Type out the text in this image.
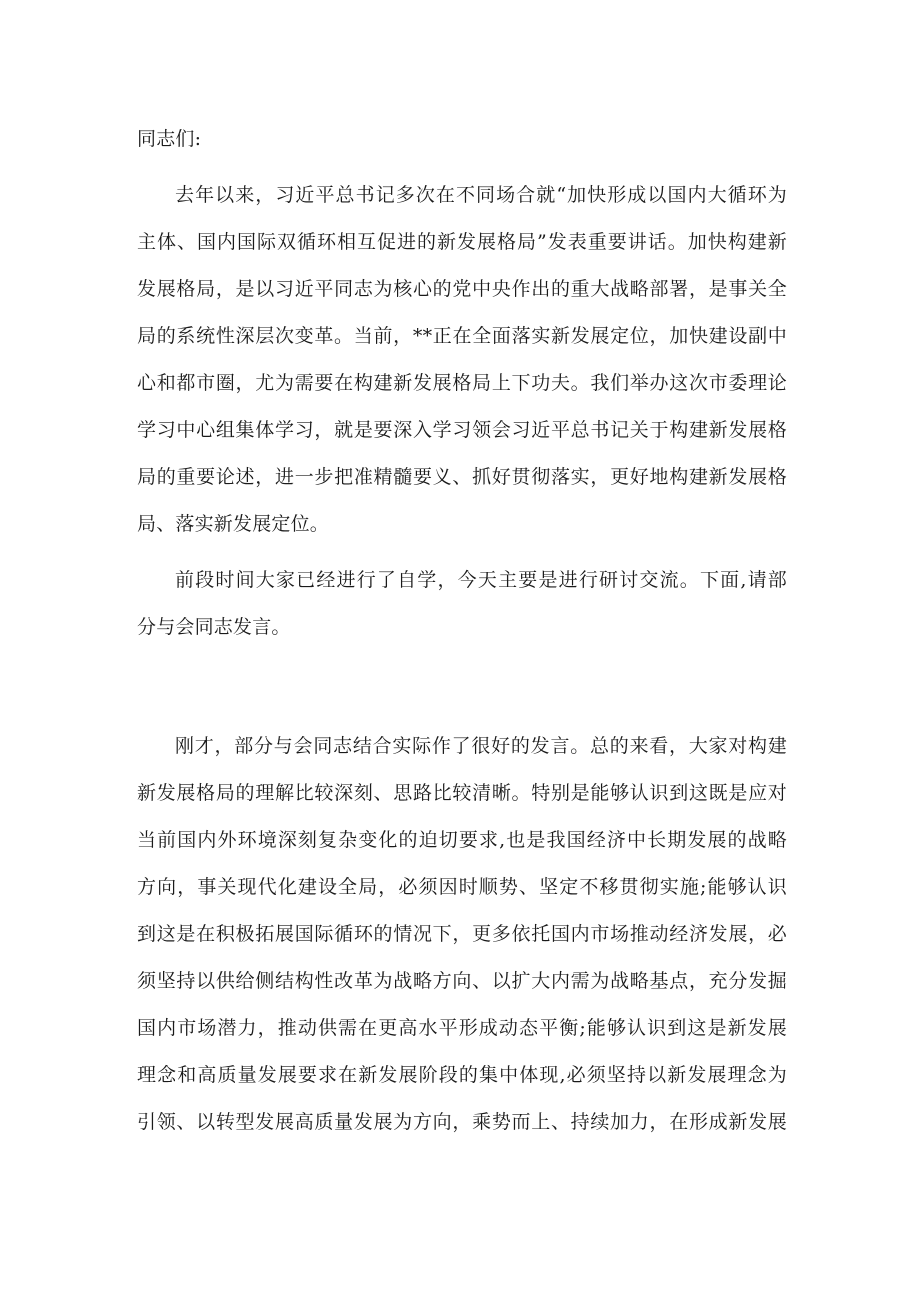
同志们:
去年以来，习近平总书记多次在不同场合就“加快形成以国内大循环为
主体、国内国际双循环相互促进的新发展格局”发表重要讲话。加快构建新
发展格局，是以习近平同志为核心的党中央作出的重大战略部署，是事关全
局的系统性深层次变革。当前，**正在全面落实新发展定位，加快建设副中
心和都市圈，尤为需要在构建新发展格局上下功夫。我们举办这次市委理论
学习中心组集体学习，就是要深入学习领会习近平总书记关于构建新发展格
局的重要论述，进一步把准精髓要义、抓好贯彻落实，更好地构建新发展格
局、落实新发展定位。
前段时间大家已经进行了自学，今天主要是进行研讨交流。下面,请部
分与会同志发言。
刚才，部分与会同志结合实际作了很好的发言。总的来看，大家对构建
新发展格局的理解比较深刻、思路比较清晰。特别是能够认识到这既是应对
当前国内外环境深刻复杂变化的迫切要求,也是我国经济中长期发展的战略
方向，事关现代化建设全局，必须因时顺势、坚定不移贯彻实施;能够认识
到这是在积极拓展国际循环的情况下，更多依托国内市场推动经济发展，必
须坚持以供给侧结构性改革为战略方向、以扩大内需为战略基点，充分发掘
国内市场潜力，推动供需在更高水平形成动态平衡;能够认识到这是新发展
理念和高质量发展要求在新发展阶段的集中体现,必须坚持以新发展理念为
引领、以转型发展高质量发展为方向，乘势而上、持续加力，在形成新发展
